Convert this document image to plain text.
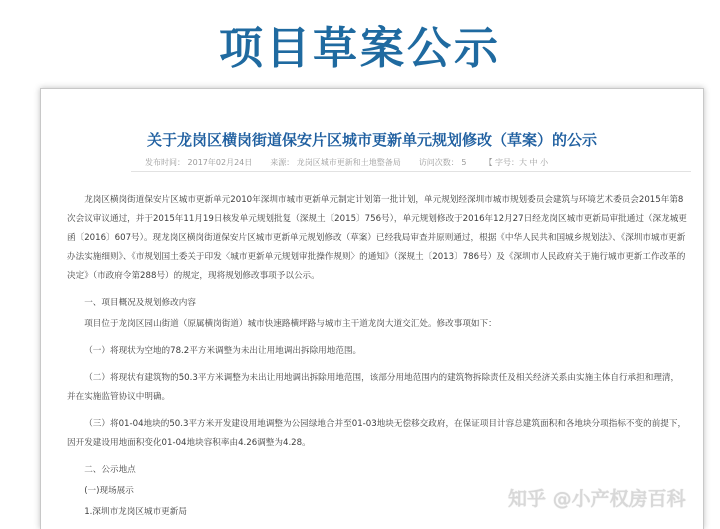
项目草案公示
关于龙岗区横岗街道保安片区城市更新单元规划修改（草案）的公示
发布时间： 2017年02月24日 来源： 龙岗区城市更新和土地整备局 访问次数： 5 【 字号：大 中 小

龙岗区横岗街道保安片区城市更新单元2010年深圳市城市更新单元制定计划第一批计划，单元规划经深圳市城市规划委员会建筑与环境艺术委员会2015年第8次会议审议通过，并于2015年11月19日核发单元规划批复（深规土〔2015〕756号），单元规划修改于2016年12月27日经龙岗区城市更新局审批通过（深龙城更函〔2016〕607号）。现龙岗区横岗街道保安片区城市更新单元规划修改（草案）已经我局审查并原则通过，根据《中华人民共和国城乡规划法》、《深圳市城市更新办法实施细则》、《市规划国土委关于印发〈城市更新单元规划审批操作规则〉的通知》（深规土〔2013〕786号）及《深圳市人民政府关于施行城市更新工作改革的决定》（市政府令第288号）的规定，现将规划修改事项予以公示。

一、项目概况及规划修改内容

项目位于龙岗区园山街道（原属横岗街道）城市快速路横坪路与城市主干道龙岗大道交汇处。修改事项如下：

（一）将现状为空地的78.2平方米调整为未出让用地调出拆除用地范围。

（二）将现状有建筑物的50.3平方米调整为未出让用地调出拆除用地范围，该部分用地范围内的建筑物拆除责任及相关经济关系由实施主体自行承担和理清，并在实施监管协议中明确。

（三）将01-04地块的50.3平方米开发建设用地调整为公园绿地合并至01-03地块无偿移交政府，在保证项目计容总建筑面积和各地块分项指标不变的前提下，因开发建设用地面积变化01-04地块容积率由4.26调整为4.28。

二、公示地点

(一)现场展示

1.深圳市龙岗区城市更新局

知乎 @小产权房百科
